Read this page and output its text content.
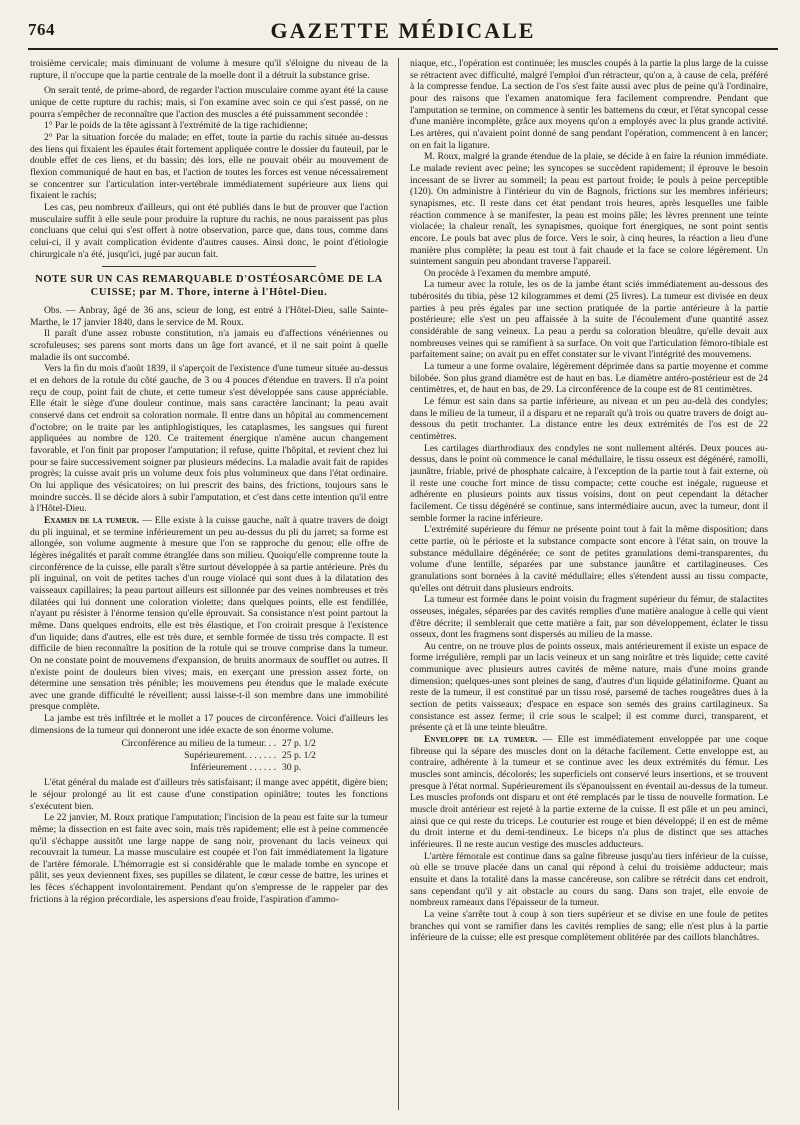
764	GAZETTE MÉDICALE

troisième cervicale; mais diminuant de volume à mesure qu'il s'éloigne du niveau de la rupture, il n'occupe que la partie centrale de la moelle dont il a détruit la substance grise.

On serait tenté, de prime-abord, de regarder l'action musculaire comme ayant été la cause unique de cette rupture du rachis; mais, si l'on examine avec soin ce qui s'est passé, on ne pourra s'empêcher de reconnaître que l'action des muscles a été puissamment secondée :

1° Par le poids de la tête agissant à l'extrémité de la tige rachidienne;

2° Par la situation forcée du malade; en effet, toute la partie du rachis située au-dessus des liens qui fixaient les épaules était fortement appliquée contre le dossier du fauteuil, par le double effet de ces liens, et du bassin; dès lors, elle ne pouvait obéir au mouvement de flexion communiqué de haut en bas, et l'action de toutes les forces est venue nécessairement se concentrer sur l'articulation inter-vertébrale immédiatement supérieure aux liens qui fixaient le rachis;

Les cas, peu nombreux d'ailleurs, qui ont été publiés dans le but de prouver que l'action musculaire suffit à elle seule pour produire la rupture du rachis, ne nous paraissent pas plus concluans que celui qui s'est offert à notre observation, parce que, dans tous, comme dans celui-ci, il y avait complication évidente d'autres causes. Ainsi donc, le point d'étiologie chirurgicale n'a été, jusqu'ici, jugé par aucun fait.

NOTE SUR UN CAS REMARQUABLE D'OSTÉOSARCÔME DE LA
CUISSE; par M. Thore, interne à l'Hôtel-Dieu.

Obs. — Anbray, âgé de 36 ans, scieur de long, est entré à l'Hôtel-Dieu, salle Sainte-Marthe, le 17 janvier 1840, dans le service de M. Roux.

Il paraît d'une assez robuste constitution, n'a jamais eu d'affections vénériennes ou scrofuleuses; ses parens sont morts dans un âge fort avancé, et il ne sait point à quelle maladie ils ont succombé.

Vers la fin du mois d'août 1839, il s'aperçoit de l'existence d'une tumeur située au-dessus et en dehors de la rotule du côté gauche, de 3 ou 4 pouces d'étendue en travers. Il n'a point reçu de coup, point fait de chute, et cette tumeur s'est développée sans cause appréciable. Elle était le siège d'une douleur continue, mais sans caractère lancinant; la peau avait conservé dans cet endroit sa coloration normale. Il entre dans un hôpital au commencement d'octobre; on le traite par les antiphlogistiques, les cataplasmes, les sangsues qui furent appliquées au nombre de 120. Ce traitement énergique n'amène aucun changement favorable, et l'on finit par proposer l'amputation; il refuse, quitte l'hôpital, et revient chez lui pour se faire successivement soigner par plusieurs médecins. La maladie avait fait de rapides progrès; la cuisse avait pris un volume deux fois plus volumineux que dans l'état ordinaire. On lui applique des vésicatoires; on lui prescrit des bains, des frictions, toujours sans le moindre succès. Il se décide alors à subir l'amputation, et c'est dans cette intention qu'il entre à l'Hôtel-Dieu.

Examen de la tumeur. — Elle existe à la cuisse gauche, naît à quatre travers de doigt du pli inguinal, et se termine inférieurement un peu au-dessus du pli du jarret; sa forme est allongée, son volume augmente à mesure que l'on se rapproche du genou; elle offre de légères inégalités et paraît comme étranglée dans son milieu. Quoiqu'elle comprenne toute la circonférence de la cuisse, elle paraît s'être surtout développée à sa partie antérieure. Près du pli inguinal, on voit de petites taches d'un rouge violacé qui sont dues à la dilatation des vaisseaux capillaires; la peau partout ailleurs est sillonnée par des veines nombreuses et très dilatées qui lui donnent une coloration violette; dans quelques points, elle est fendillée, n'ayant pu résister à l'énorme tension qu'elle éprouvait. Sa consistance n'est point partout la même. Dans quelques endroits, elle est très élastique, et l'on croirait presque à l'existence d'un liquide; dans d'autres, elle est très dure, et semble formée de tissu très compacte. Il est difficile de bien reconnaître la position de la rotule qui se trouve comprise dans la tumeur. On ne constate point de mouvemens d'expansion, de bruits anormaux de soufflet ou autres. Il n'existe point de douleurs bien vives; mais, en exerçant une pression assez forte, on détermine une sensation très pénible; les mouvemens peu étendus que le malade exécute avec une grande difficulté le réveillent; aussi laisse-t-il son membre dans une immobilité presque complète.

La jambe est très infiltrée et le mollet a 17 pouces de circonférence. Voici d'ailleurs les dimensions de la tumeur qui donneront une idée exacte de son énorme volume.

Circonférence au milieu de la tumeur. . . 27 p. 1/2
Supérieurement. . . . . . . 25 p. 1/2
Inférieurement . . . . . . 30 p.

L'état général du malade est d'ailleurs très satisfaisant; il mange avec appétit, digère bien; le séjour prolongé au lit est cause d'une constipation opiniâtre; toutes les fonctions s'exécutent bien.

Le 22 janvier, M. Roux pratique l'amputation; l'incision de la peau est faite sur la tumeur même; la dissection en est faite avec soin, mais très rapidement; elle est à peine commencée qu'il s'échappe aussitôt une large nappe de sang noir, provenant du lacis veineux qui recouvrait la tumeur. La masse musculaire est coupée et l'on fait immédiatement la ligature de l'artère fémorale. L'hémorragie est si considérable que le malade tombe en syncope et pâlit, ses yeux deviennent fixes, ses pupilles se dilatent, le cœur cesse de battre, les urines et les fèces s'échappent involontairement. Pendant qu'on s'empresse de le rappeler par des frictions à la région précordiale, les aspersions d'eau froide, l'aspiration d'ammo-

niaque, etc., l'opération est continuée; les muscles coupés à la partie la plus large de la cuisse se rétractent avec difficulté, malgré l'emploi d'un rétracteur, qu'on a, à cause de cela, préféré à la compresse fendue. La section de l'os s'est faite aussi avec plus de peine qu'à l'ordinaire, pour des raisons que l'examen anatomique fera facilement comprendre. Pendant que l'amputation se termine, on commence à sentir les battemens du cœur, et l'état syncopal cesse d'une manière incomplète, grâce aux moyens qu'on a employés avec la plus grande activité. Les artères, qui n'avaient point donné de sang pendant l'opération, commencent à en lancer; on en fait la ligature.

M. Roux, malgré la grande étendue de la plaie, se décide à en faire la réunion immédiate. Le malade revient avec peine; les syncopes se succèdent rapidement; il éprouve le besoin incessant de se livrer au sommeil; la peau est partout froide; le pouls à peine perceptible (120). On administre à l'intérieur du vin de Bagnols, frictions sur les membres inférieurs; synapismes, etc. Il reste dans cet état pendant trois heures, après lesquelles une faible réaction commence à se manifester, la peau est moins pâle; les lèvres prennent une teinte violacée; la chaleur renaît, les synapismes, quoique fort énergiques, ne sont point sentis encore. Le pouls bat avec plus de force. Vers le soir, à cinq heures, la réaction a lieu d'une manière plus complète; la peau est tout à fait chaude et la face se colore légèrement. Un suintement sanguin peu abondant traverse l'appareil.

On procède à l'examen du membre amputé.

La tumeur avec la rotule, les os de la jambe étant sciés immédiatement au-dessous des tubérosités du tibia, pèse 12 kilogrammes et demi (25 livres). La tumeur est divisée en deux parties à peu près égales par une section pratiquée de la partie antérieure à la partie postérieure; elle s'est un peu affaissée à la suite de l'écoulement d'une quantité assez considérable de sang veineux. La peau a perdu sa coloration bleuâtre, qu'elle devait aux nombreuses veines qui se ramifient à sa surface. On voit que l'articulation fémoro-tibiale est parfaitement saine; on avait pu en effet constater sur le vivant l'intégrité des mouvemens.

La tumeur a une forme ovalaire, légèrement déprimée dans sa partie moyenne et comme bilobée. Son plus grand diamètre est de haut en bas. Le diamètre antéro-postérieur est de 24 centimètres, et, de haut en bas, de 29. La circonférence de la coupe est de 81 centimètres.

Le fémur est sain dans sa partie inférieure, au niveau et un peu au-delà des condyles; dans le milieu de la tumeur, il a disparu et ne reparaît qu'à trois ou quatre travers de doigt au-dessous du petit trochanter. La distance entre les deux extrémités de l'os est de 22 centimètres.

Les cartilages diarthrodiaux des condyles ne sont nullement altérés. Deux pouces au-dessus, dans le point où commence le canal médullaire, le tissu osseux est dégénéré, ramolli, jaunâtre, friable, privé de phosphate calcaire, à l'exception de la partie tout à fait externe, où il reste une couche fort mince de tissu compacte; cette couche est inégale, rugueuse et adhérente en plusieurs points aux tissus voisins, dont on peut cependant la détacher facilement. Ce tissu dégénéré se continue, sans intermédiaire aucun, avec la tumeur, dont il semble former la racine inférieure.

L'extrémité supérieure du fémur ne présente point tout à fait la même disposition; dans cette partie, où le périoste et la substance compacte sont encore à l'état sain, on trouve la substance médullaire dégénérée; ce sont de petites granulations demi-transparentes, du volume d'une lentille, séparées par une substance jaunâtre et cartilagineuses. Ces granulations sont bornées à la cavité médullaire; elles s'étendent aussi au tissu compacte, qu'elles ont détruit dans plusieurs endroits.

La tumeur est formée dans le point voisin du fragment supérieur du fémur, de stalactites osseuses, inégales, séparées par des cavités remplies d'une matière analogue à celle qui vient d'être décrite; il semblerait que cette matière a fait, par son développement, éclater le tissu osseux, dont les fragmens sont dispersés au milieu de la masse.

Au centre, on ne trouve plus de points osseux, mais antérieurement il existe un espace de forme irrégulière, rempli par un lacis veineux et un sang noirâtre et très liquide; cette cavité communique avec plusieurs autres cavités de même nature, mais d'une moins grande dimension; quelques-unes sont pleines de sang, d'autres d'un liquide gélatiniforme. Quant au reste de la tumeur, il est constitué par un tissu rosé, parsemé de taches rougeâtres dues à la section de petits vaisseaux; d'espace en espace son semés des grains cartilagineux. Sa consistance est assez ferme; il crie sous le scalpel; il est comme durci, transparent, et présente çà et là une teinte bleuâtre.

Enveloppe de la tumeur. — Elle est immédiatement enveloppée par une coque fibreuse qui la sépare des muscles dont on la détache facilement. Cette enveloppe est, au contraire, adhérente à la tumeur et se continue avec les deux extrémités du fémur. Les muscles sont amincis, décolorés; les superficiels ont conservé leurs insertions, et se trouvent presque à l'état normal. Supérieurement ils s'épanouissent en éventail au-dessus de la tumeur. Les muscles profonds ont disparu et ont été remplacés par le tissu de nouvelle formation. Le muscle droit antérieur est rejeté à la partie externe de la cuisse. Il est pâle et un peu aminci, ainsi que ce qui reste du triceps. Le couturier est rouge et bien développé; il en est de même du droit interne et du demi-tendineux. Le biceps n'a plus de distinct que ses attaches inférieures. Il ne reste aucun vestige des muscles adducteurs.

L'artère fémorale est continue dans sa gaîne fibreuse jusqu'au tiers inférieur de la cuisse, où elle se trouve placée dans un canal qui répond à celui du troisième adducteur; mais ensuite et dans la totalité dans la masse cancéreuse, son calibre se rétrécit dans cet endroit, sans cependant qu'il y ait obstacle au cours du sang. Dans son trajet, elle envoie de nombreux rameaux dans l'épaisseur de la tumeur.

La veine s'arrête tout à coup à son tiers supérieur et se divise en une foule de petites branches qui vont se ramifier dans les cavités remplies de sang; elle n'est plus à la partie inférieure de la cuisse; elle est presque complètement oblitérée par des caillots blanchâtres.
